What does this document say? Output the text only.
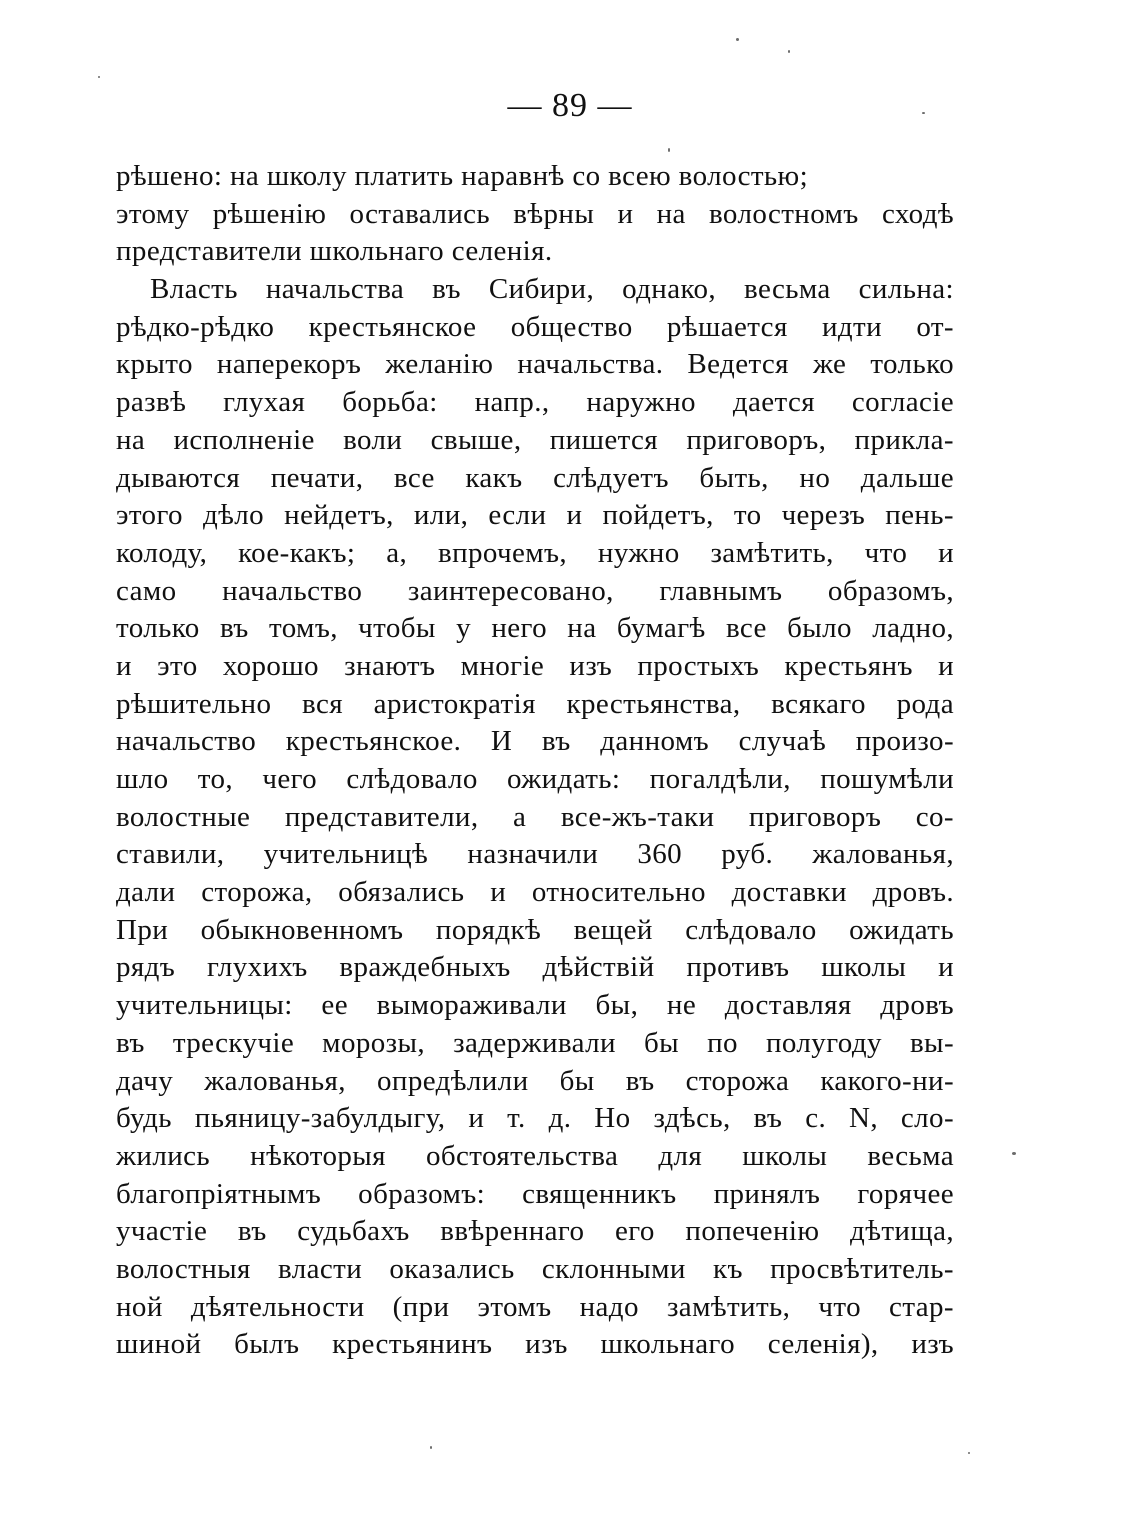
— 89 —
рѣшено: на школу платить наравнѣ со всею волостью;
этому рѣшенію оставались вѣрны и на волостномъ сходѣ
представители школьнаго селенія.
Власть начальства въ Сибири, однако, весьма сильна:
рѣдко-рѣдко крестьянское общество рѣшается идти от-
крыто наперекоръ желанію начальства. Ведется же только
развѣ глухая борьба: напр., наружно дается согласіе
на исполненіе воли свыше, пишется приговоръ, прикла-
дываются печати, все какъ слѣдуетъ быть, но дальше
этого дѣло нейдетъ, или, если и пойдетъ, то черезъ пень-
колоду, кое-какъ; а, впрочемъ, нужно замѣтить, что и
само начальство заинтересовано, главнымъ образомъ,
только въ томъ, чтобы у него на бумагѣ все было ладно,
и это хорошо знаютъ многіе изъ простыхъ крестьянъ и
рѣшительно вся аристократія крестьянства, всякаго рода
начальство крестьянское. И въ данномъ случаѣ произо-
шло то, чего слѣдовало ожидать: погалдѣли, пошумѣли
волостные представители, а все-жъ-таки приговоръ со-
ставили, учительницѣ назначили 360 руб. жалованья,
дали сторожа, обязались и относительно доставки дровъ.
При обыкновенномъ порядкѣ вещей слѣдовало ожидать
рядъ глухихъ враждебныхъ дѣйствій противъ школы и
учительницы: ее вымораживали бы, не доставляя дровъ
въ трескучіе морозы, задерживали бы по полугоду вы-
дачу жалованья, опредѣлили бы въ сторожа какого-ни-
будь пьяницу-забулдыгу, и т. д. Но здѣсь, въ с. N, сло-
жились нѣкоторыя обстоятельства для школы весьма
благопріятнымъ образомъ: священникъ принялъ горячее
участіе въ судьбахъ ввѣреннаго его попеченію дѣтища,
волостныя власти оказались склонными къ просвѣтитель-
ной дѣятельности (при этомъ надо замѣтить, что стар-
шиной былъ крестьянинъ изъ школьнаго селенія), изъ
